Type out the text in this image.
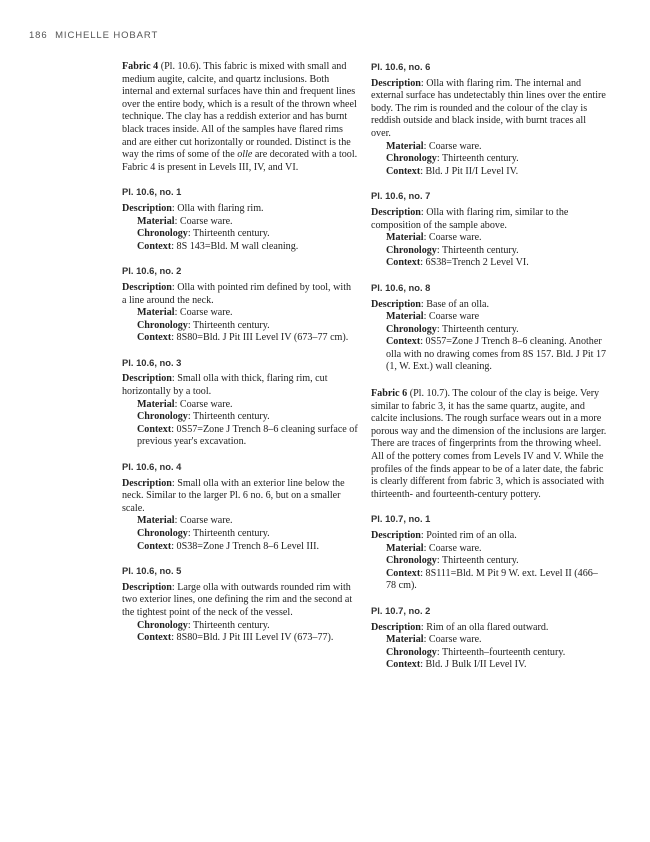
186 MICHELLE HOBART

Fabric 4 (Pl. 10.6). This fabric is mixed with small and medium augite, calcite, and quartz inclusions. Both internal and external surfaces have thin and frequent lines over the entire body, which is a result of the thrown wheel technique. The clay has a reddish exterior and has burnt black traces inside. All of the samples have flared rims and are either cut horizontally or rounded. Distinct is the way the rims of some of the olle are decorated with a tool. Fabric 4 is present in Levels III, IV, and VI.

Pl. 10.6, no. 1

Description: Olla with flaring rim.

Material: Coarse ware.

Chronology: Thirteenth century.

Context: 8S 143=Bld. M wall cleaning.

Pl. 10.6, no. 2

Description: Olla with pointed rim defined by tool, with a line around the neck.

Material: Coarse ware.

Chronology: Thirteenth century.

Context: 8S80=Bld. J Pit III Level IV (673–77 cm).

Pl. 10.6, no. 3

Description: Small olla with thick, flaring rim, cut horizontally by a tool.

Material: Coarse ware.

Chronology: Thirteenth century.

Context: 0S57=Zone J Trench 8–6 cleaning surface of previous year's excavation.

Pl. 10.6, no. 4

Description: Small olla with an exterior line below the neck. Similar to the larger Pl. 6 no. 6, but on a smaller scale.

Material: Coarse ware.

Chronology: Thirteenth century.

Context: 0S38=Zone J Trench 8–6 Level III.

Pl. 10.6, no. 5

Description: Large olla with outwards rounded rim with two exterior lines, one defining the rim and the second at the tightest point of the neck of the vessel.

Chronology: Thirteenth century.

Context: 8S80=Bld. J Pit III Level IV (673–77).

Pl. 10.6, no. 6

Description: Olla with flaring rim. The internal and external surface has undetectably thin lines over the entire body. The rim is rounded and the colour of the clay is reddish outside and black inside, with burnt traces all over.

Material: Coarse ware.

Chronology: Thirteenth century.

Context: Bld. J Pit II/I Level IV.

Pl. 10.6, no. 7

Description: Olla with flaring rim, similar to the composition of the sample above.

Material: Coarse ware.

Chronology: Thirteenth century.

Context: 6S38=Trench 2 Level VI.

Pl. 10.6, no. 8

Description: Base of an olla.

Material: Coarse ware

Chronology: Thirteenth century.

Context: 0S57=Zone J Trench 8–6 cleaning. Another olla with no drawing comes from 8S 157. Bld. J Pit 17 (1, W. Ext.) wall cleaning.

Fabric 6 (Pl. 10.7). The colour of the clay is beige. Very similar to fabric 3, it has the same quartz, augite, and calcite inclusions. The rough surface wears out in a more porous way and the dimension of the inclusions are larger. There are traces of fingerprints from the throwing wheel. All of the pottery comes from Levels IV and V. While the profiles of the finds appear to be of a later date, the fabric is clearly different from fabric 3, which is associated with thirteenth- and fourteenth-century pottery.

Pl. 10.7, no. 1

Description: Pointed rim of an olla.

Material: Coarse ware.

Chronology: Thirteenth century.

Context: 8S111=Bld. M Pit 9 W. ext. Level II (466–78 cm).

Pl. 10.7, no. 2

Description: Rim of an olla flared outward.

Material: Coarse ware.

Chronology: Thirteenth–fourteenth century.

Context: Bld. J Bulk I/II Level IV.
